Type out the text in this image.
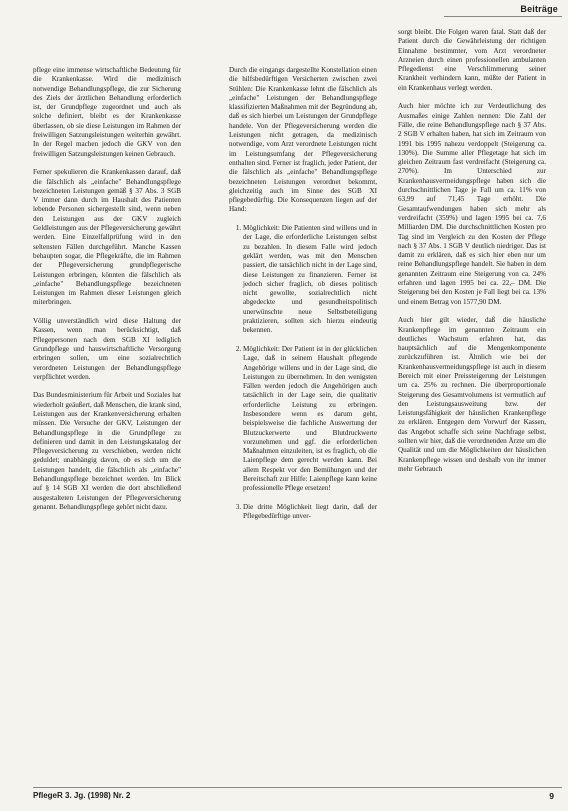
Beiträge

pflege eine immense wirtschaftliche Bedeutung für die Krankenkasse. Wird die medizinisch notwendige Behandlungspflege, die zur Sicherung des Ziels der ärztlichen Behandlung erforderlich ist, der Grundpflege zugeordnet und auch als solche definiert, bleibt es der Krankenkasse überlassen, ob sie diese Leistungen im Rahmen der freiwilligen Satzungsleistungen weiterhin gewährt. In der Regel machen jedoch die GKV von den freiwilligen Satzungsleistungen keinen Gebrauch.

Ferner spekulieren die Krankenkassen darauf, daß die fälschlich als „einfache" Behandlungspflege bezeichneten Leistungen gemäß § 37 Abs. 3 SGB V immer dann durch im Haushalt des Patienten lebende Personen sichergestellt sind, wenn neben den Leistungen aus der GKV zugleich Geldleistungen aus der Pflegeversicherung gewährt werden. Eine Einzelfallprüfung wird in den seltensten Fällen durchgeführt. Manche Kassen behaupten sogar, die Pflegekräfte, die im Rahmen der Pflegeversicherung grundpflegerische Leistungen erbringen, könnten die fälschlich als „einfache" Behandlungspflege bezeichneten Leistungen im Rahmen dieser Leistungen gleich miterbringen.

Völlig unverständlich wird diese Haltung der Kassen, wenn man berücksichtigt, daß Pflegepersonen nach dem SGB XI lediglich Grundpflege und hauswirtschaftliche Versorgung erbringen sollen, um eine sozialrechtlich verordneten Leistungen der Behandlungspflege verpflichtet werden.

Das Bundesministerium für Arbeit und Soziales hat wiederholt geäußert, daß Menschen, die krank sind, Leistungen aus der Krankenversicherung erhalten müssen. Die Versuche der GKV, Leistungen der Behandlungspflege in die Grundpflege zu definieren und damit in den Leistungskatalog der Pflegeversicherung zu verschieben, werden nicht geduldet; unabhängig davon, ob es sich um die Leistungen handelt, die fälschlich als „einfache" Behandlungspflege bezeichnet werden. Im Blick auf § 14 SGB XI werden die dort abschließend ausgestalteten Leistungen der Pflegeversicherung genannt. Behandlungspflege gehört nicht dazu.

Durch die eingangs dargestellte Konstellation einen die hilfsbedürftigen Versicherten zwischen zwei Stühlen: Die Krankenkasse lehnt die fälschlich als „einfache" Leistungen der Behandlungspflege klassifizierten Maßnahmen mit der Begründung ab, daß es sich hierbei um Leistungen der Grundpflege handele. Von der Pflegeversicherung werden die Leistungen nicht getragen, da medizinisch notwendige, vom Arzt verordnete Leistungen nicht im Leistungsumfang der Pflegeversicherung enthalten sind. Ferner ist fraglich, jeder Patient, der die fälschlich als „einfache" Behandlungspflege bezeichneten Leistungen verordnet bekommt, gleichzeitig auch im Sinne des SGB XI pflegebedürftig. Die Konsequenzen liegen auf der Hand:

1. Möglichkeit: Die Patienten sind willens und in der Lage, die erforderliche Leistungen selbst zu bezahlen. In diesem Falle wird jedoch geklärt werden, was mit den Menschen passiert, die tatsächlich nicht in der Lage sind, diese Leistungen zu finanzieren. Ferner ist jedoch sicher fraglich, ob dieses politisch nicht gewollte, sozialrechtlich nicht abgedeckte und gesundheitspolitisch unerwünschte neue Selbstbeteiligung praktizieren, sollten sich hierzu eindeutig bekennen.
2. Möglichkeit: Der Patient ist in der glücklichen Lage, daß in seinem Haushalt pflegende Angehörige willens und in der Lage sind, die Leistungen zu übernehmen. In den wenigsten Fällen werden jedoch die Angehörigen auch tatsächlich in der Lage sein, die qualitativ erforderliche Leistung zu erbringen. Insbesondere wenn es darum geht, beispielsweise die fachliche Auswertung der Blutzuckerwerte und Blutdruckwerte vorzunehmen und ggf. die erforderlichen Maßnahmen einzuleiten, ist es fraglich, ob die Laienpflege dem gerecht werden kann. Bei allem Respekt vor den Bemühungen und der Bereitschaft zur Hilfe: Laienpflege kann keine professionelle Pflege ersetzen!
3. Die dritte Möglichkeit liegt darin, daß der Pflegebedürftige unver-

sorgt bleibt. Die Folgen waren fatal. Statt daß der Patient durch die Gewährleistung der richtigen Einnahme bestimmter, vom Arzt verordneter Arzneien durch einen professionellen ambulanten Pflegedienst eine Verschlimmerung seiner Krankheit verhindern kann, müßte der Patient in ein Krankenhaus verlegt werden.

Auch hier möchte ich zur Verdeutlichung des Ausmaßes einige Zahlen nennen: Die Zahl der Fälle, die reine Behandlungspflege nach § 37 Abs. 2 SGB V erhalten haben, hat sich im Zeitraum von 1991 bis 1995 nahezu verdoppelt (Steigerung ca. 130%). Die Summe aller Pflegetage hat sich im gleichen Zeitraum fast verdreifacht (Steigerung ca. 270%). Im Unterschied zur Krankenhausvermeidungspflege haben sich die durchschnittlichen Tage je Fall um ca. 11% von 63,99 auf 71,45 Tage erhöht. Die Gesamtaufwendungen haben sich mehr als verdreifacht (359%) und lagen 1995 bei ca. 7,6 Milliarden DM. Die durchschnittlichen Kosten pro Tag sind im Vergleich zu den Kosten der Pflege nach § 37 Abs. 1 SGB V deutlich niedriger. Das ist damit zu erklären, daß es sich hier eben nur um reine Behandlungspflege handelt. Sie haben in dem genannten Zeitraum eine Steigerung von ca. 24% erfahren und lagen 1995 bei ca. 22,– DM. Die Steigerung bei den Kosten je Fall liegt bei ca. 13% und einem Betrag von 1577,90 DM.

Auch hier gilt wieder, daß die häusliche Krankenpflege im genannten Zeitraum ein deutliches Wachstum erfahren hat, das hauptsächlich auf die Mengenkomponente zurückzuführen ist. Ähnlich wie bei der Krankenhausvermeidungspflege ist auch in diesem Bereich mit einer Preissteigerung der Leistungen um ca. 25% zu rechnen. Die überproportionale Steigerung des Gesamtvolumens ist vermutlich auf den Leistungsausweitung bzw. der Leistungsfähigkeit der häuslichen Krankenpflege zu erklären. Entgegen dem Vorwurf der Kassen, das Angebot schaffe sich seine Nachfrage selbst, sollten wir hier, daß die verordnenden Ärzte um die Qualität und um die Möglichkeiten der häuslichen Krankenpflege wissen und deshalb von ihr immer mehr Gebrauch

PflegeR 3. Jg. (1998) Nr. 2	9
